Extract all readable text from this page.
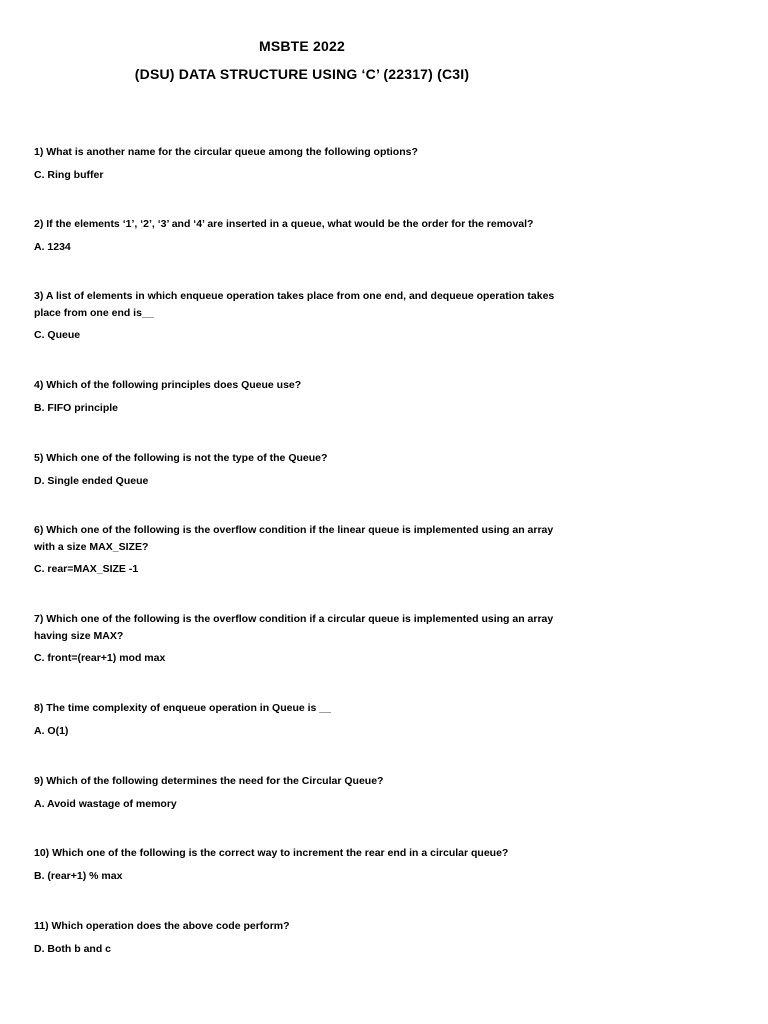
MSBTE 2022
(DSU) DATA STRUCTURE USING ‘C’ (22317) (C3I)

1) What is another name for the circular queue among the following options?

C. Ring buffer

2) If the elements ‘1’, ‘2’, ‘3’ and ‘4’ are inserted in a queue, what would be the order for the removal?

A. 1234

3) A list of elements in which enqueue operation takes place from one end, and dequeue operation takes place from one end is__

C. Queue

4) Which of the following principles does Queue use?

B. FIFO principle

5) Which one of the following is not the type of the Queue?

D. Single ended Queue

6) Which one of the following is the overflow condition if the linear queue is implemented using an array with a size MAX_SIZE?

C. rear=MAX_SIZE -1

7) Which one of the following is the overflow condition if a circular queue is implemented using an array having size MAX?

C. front=(rear+1) mod max

8) The time complexity of enqueue operation in Queue is __

A. O(1)

9) Which of the following determines the need for the Circular Queue?

A. Avoid wastage of memory

10) Which one of the following is the correct way to increment the rear end in a circular queue?

B. (rear+1) % max

11) Which operation does the above code perform?

D. Both b and c
